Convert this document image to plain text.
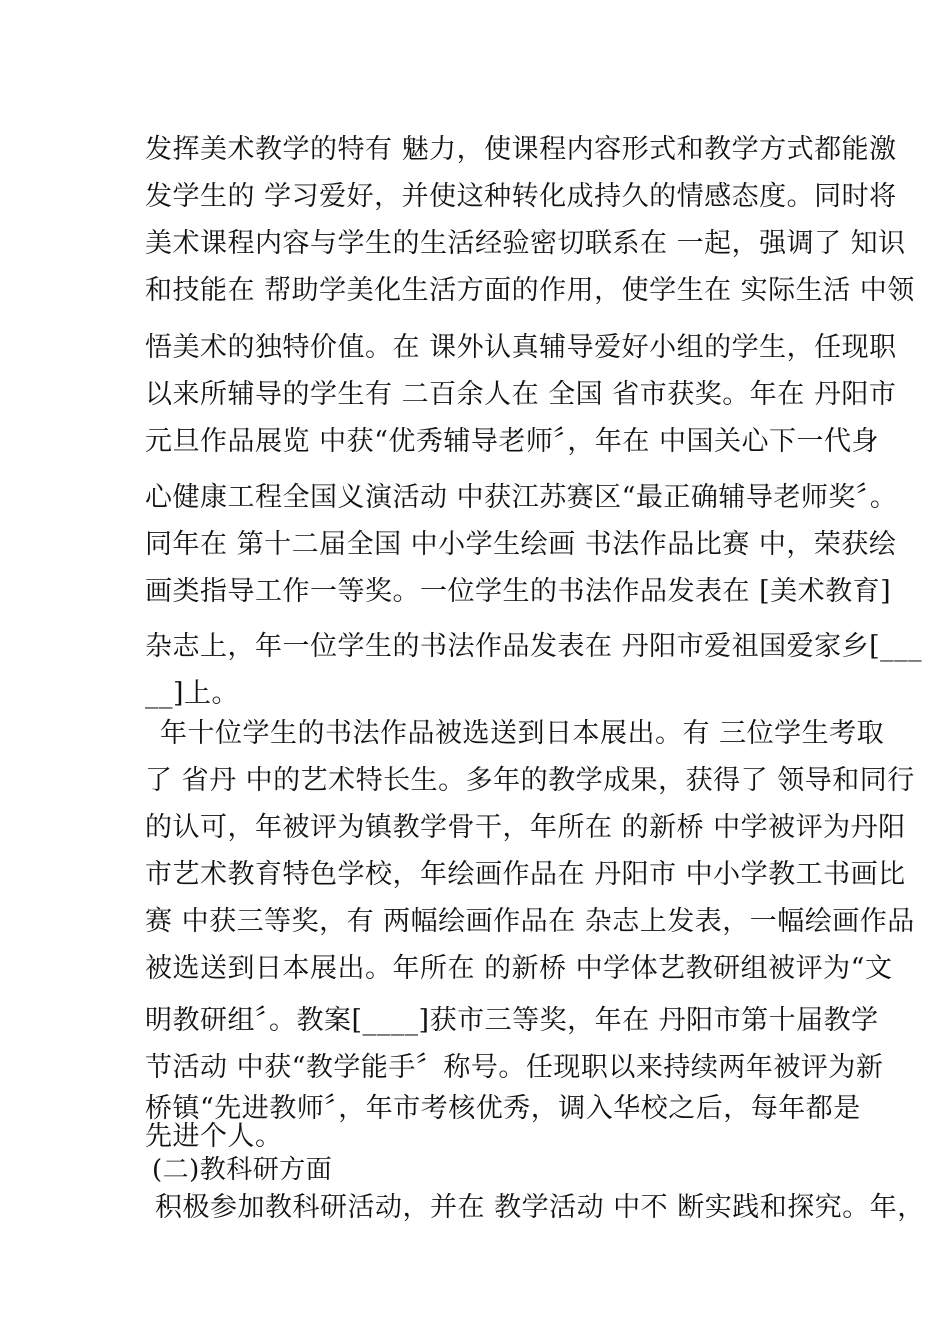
发挥美术教学的特有 魅力，使课程内容形式和教学方式都能激
发学生的 学习爱好，并使这种转化成持久的情感态度。同时将
美术课程内容与学生的生活经验密切联系在 一起，强调了 知识
和技能在 帮助学美化生活方面的作用，使学生在 实际生活 中领
悟美术的独特价值。在 课外认真辅导爱好小组的学生，任现职
以来所辅导的学生有 二百余人在 全国 省市获奖。年在 丹阳市
元旦作品展览 中获“优秀辅导老师〞，年在 中国关心下一代身
心健康工程全国义演活动 中获江苏赛区“最正确辅导老师奖〞。
同年在 第十二届全国 中小学生绘画 书法作品比赛 中，荣获绘
画类指导工作一等奖。一位学生的书法作品发表在 [美术教育]
杂志上，年一位学生的书法作品发表在 丹阳市爱祖国爱家乡[___
__]上。
年十位学生的书法作品被选送到日本展出。有 三位学生考取
了 省丹 中的艺术特长生。多年的教学成果，获得了 领导和同行
的认可，年被评为镇教学骨干，年所在 的新桥 中学被评为丹阳
市艺术教育特色学校，年绘画作品在 丹阳市 中小学教工书画比
赛 中获三等奖，有 两幅绘画作品在 杂志上发表，一幅绘画作品
被选送到日本展出。年所在 的新桥 中学体艺教研组被评为“文
明教研组〞。教案[____]获市三等奖，年在 丹阳市第十届教学
节活动 中获“教学能手〞称号。任现职以来持续两年被评为新
桥镇“先进教师〞，年市考核优秀，调入华校之后，每年都是
先进个人。
(二)教科研方面
积极参加教科研活动，并在 教学活动 中不 断实践和探究。年，
